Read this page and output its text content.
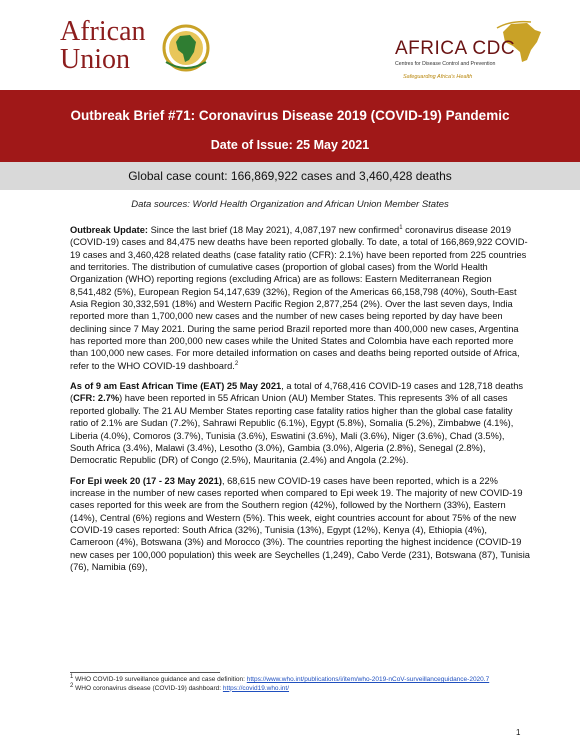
African
Union	AFRICA CDC
Centres for Disease Control and Prevention
Safeguarding Africa's Health
Outbreak Brief #71: Coronavirus Disease 2019 (COVID-19) Pandemic
Date of Issue: 25 May 2021
Global case count: 166,869,922 cases and 3,460,428 deaths
Data sources: World Health Organization and African Union Member States

Outbreak Update: Since the last brief (18 May 2021), 4,087,197 new confirmed$^1$ coronavirus disease 2019 (COVID-19) cases and 84,475 new deaths have been reported globally. To date, a total of 166,869,922 COVID-19 cases and 3,460,428 related deaths (case fatality ratio (CFR): 2.1%) have been reported from 225 countries and territories. The distribution of cumulative cases (proportion of global cases) from the World Health Organization (WHO) reporting regions (excluding Africa) are as follows: Eastern Mediterranean Region 8,541,482 (5%), European Region 54,147,639 (32%), Region of the Americas 66,158,798 (40%), South-East Asia Region 30,332,591 (18%) and Western Pacific Region 2,877,254 (2%). Over the last seven days, India reported more than 1,700,000 new cases and the number of new cases being reported by day have been declining since 7 May 2021. During the same period Brazil reported more than 400,000 new cases, Argentina has reported more than 200,000 new cases while the United States and Colombia have each reported more than 100,000 new cases. For more detailed information on cases and deaths being reported outside of Africa, refer to the WHO COVID-19 dashboard.$^2$

As of 9 am East African Time (EAT) 25 May 2021, a total of 4,768,416 COVID-19 cases and 128,718 deaths (CFR: 2.7%) have been reported in 55 African Union (AU) Member States. This represents 3% of all cases reported globally. The 21 AU Member States reporting case fatality ratios higher than the global case fatality ratio of 2.1% are Sudan (7.2%), Sahrawi Republic (6.1%), Egypt (5.8%), Somalia (5.2%), Zimbabwe (4.1%), Liberia (4.0%), Comoros (3.7%), Tunisia (3.6%), Eswatini (3.6%), Mali (3.6%), Niger (3.6%), Chad (3.5%), South Africa (3.4%), Malawi (3.4%), Lesotho (3.0%), Gambia (3.0%), Algeria (2.8%), Senegal (2.8%), Democratic Republic (DR) of Congo (2.5%), Mauritania (2.4%) and Angola (2.2%).

For Epi week 20 (17 - 23 May 2021), 68,615 new COVID-19 cases have been reported, which is a 22% increase in the number of new cases reported when compared to Epi week 19. The majority of new COVID-19 cases reported for this week are from the Southern region (42%), followed by the Northern (33%), Eastern (14%), Central (6%) regions and Western (5%). This week, eight countries account for about 75% of the new COVID-19 cases reported: South Africa (32%), Tunisia (13%), Egypt (12%), Kenya (4), Ethiopia (4%), Cameroon (4%), Botswana (3%) and Morocco (3%). The countries reporting the highest incidence (COVID-19 new cases per 100,000 population) this week are Seychelles (1,249), Cabo Verde (231), Botswana (87), Tunisia (76), Namibia (69),

$^1$ WHO COVID-19 surveillance guidance and case definition: https://www.who.int/publications/i/item/who-2019-nCoV-surveillanceguidance-2020.7
$^2$ WHO coronavirus disease (COVID-19) dashboard: https://covid19.who.int/
1
